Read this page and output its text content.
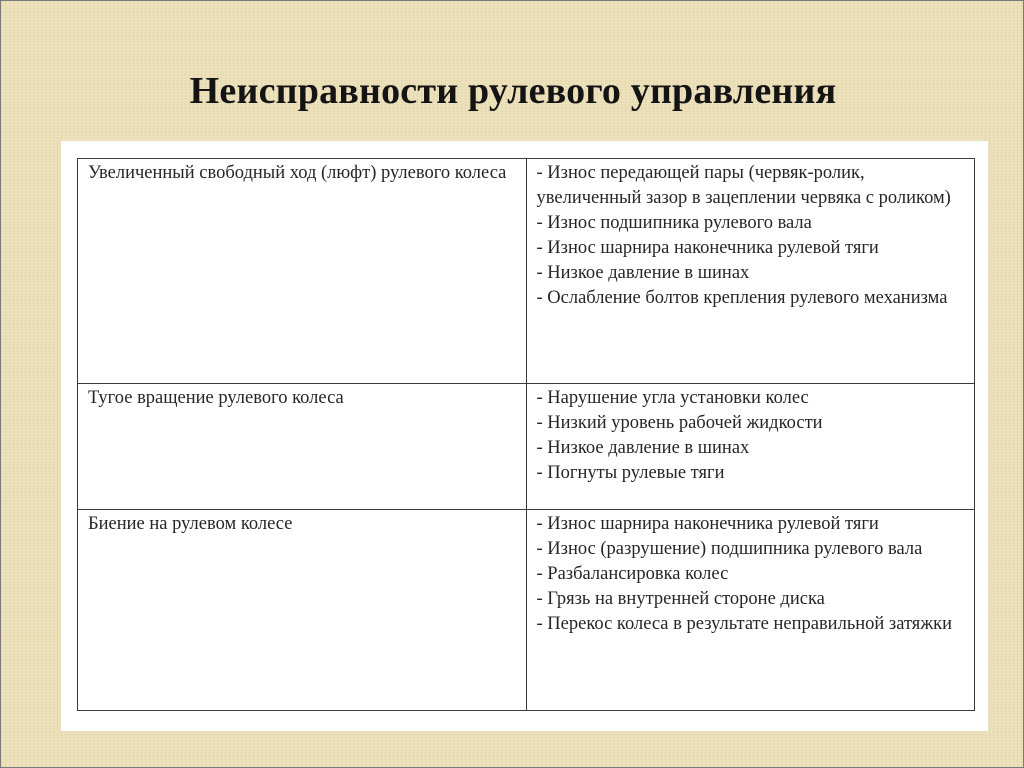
Неисправности рулевого управления
Увеличенный свободный ход (люфт) рулевого колеса	- Износ передающей пары (червяк-ролик, увеличенный зазор в зацеплении червяка с роликом)
- Износ подшипника рулевого вала
- Износ шарнира наконечника рулевой тяги
- Низкое давление в шинах
- Ослабление болтов крепления рулевого механизма

Тугое вращение рулевого колеса	- Нарушение угла установки колес
- Низкий уровень рабочей жидкости
- Низкое давление в шинах
- Погнуты рулевые тяги

Биение на рулевом колесе	- Износ шарнира наконечника рулевой тяги
- Износ (разрушение) подшипника рулевого вала
- Разбалансировка колес
- Грязь на внутренней стороне диска
- Перекос колеса в результате неправильной затяжки
